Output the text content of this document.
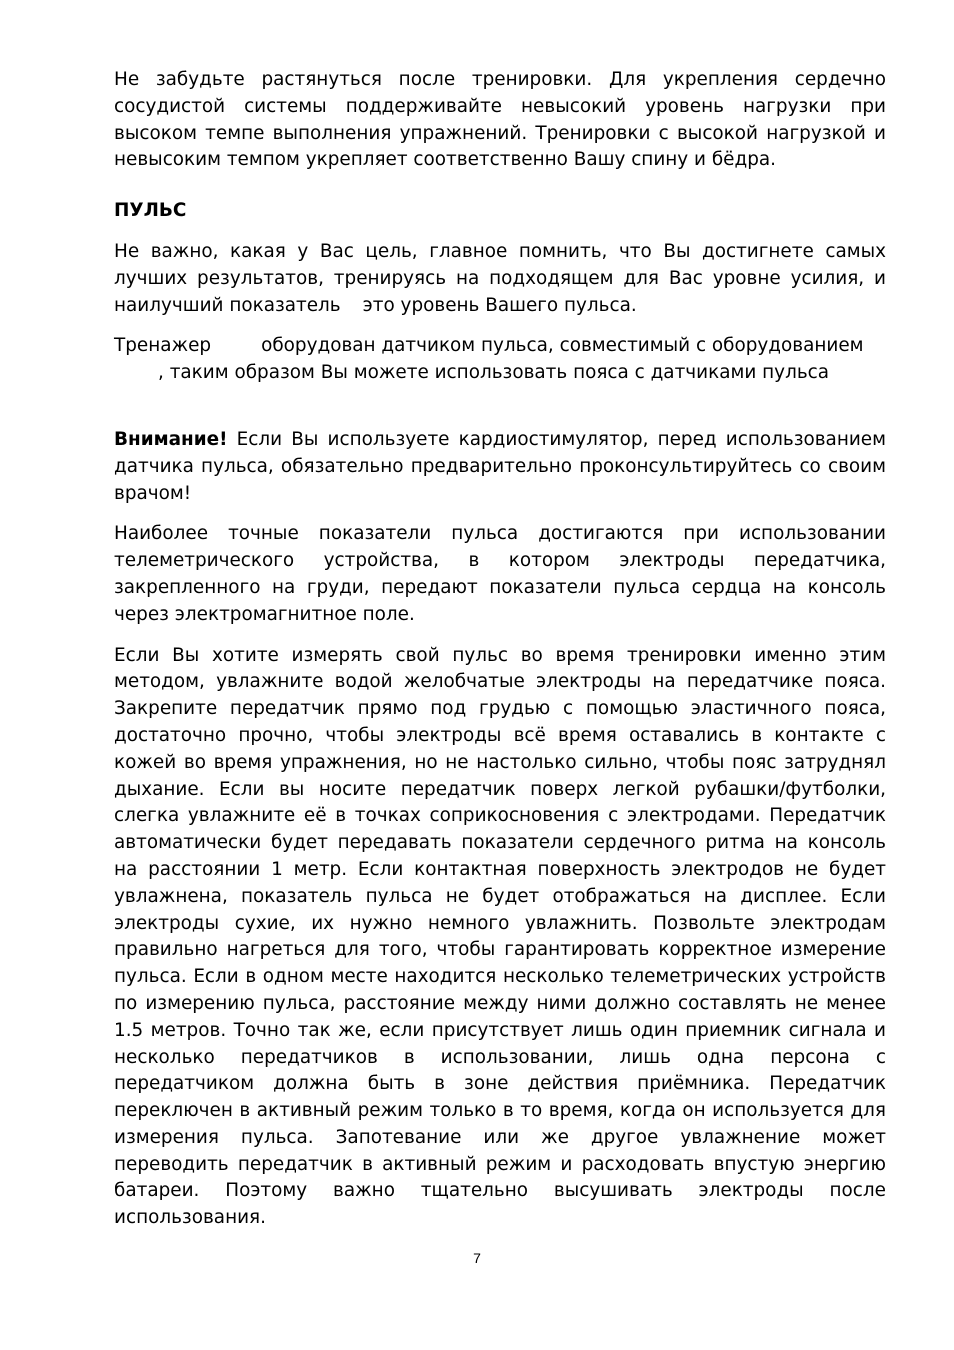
Не забудьте растянуться после тренировки. Для укрепления сердечно сосудистой системы поддерживайте невысокий уровень нагрузки при высоком темпе выполнения упражнений. Тренировки с высокой нагрузкой и невысоким темпом укрепляет соответственно Вашу спину и бёдра.

ПУЛЬС

Не важно, какая у Вас цель, главное помнить, что Вы достигнете самых лучших результатов, тренируясь на подходящем для Вас уровне усилия, и наилучший показатель это уровень Вашего пульса.

Тренажер	оборудован датчиком пульса, совместимый с оборудованием
, таким образом Вы можете использовать пояса с датчиками пульса

Внимание! Если Вы используете кардиостимулятор, перед использованием датчика пульса, обязательно предварительно проконсультируйтесь со своим врачом!

Наиболее точные показатели пульса достигаются при использовании телеметрического устройства, в котором электроды передатчика, закрепленного на груди, передают показатели пульса сердца на консоль через электромагнитное поле.

Если Вы хотите измерять свой пульс во время тренировки именно этим методом, увлажните водой желобчатые электроды на передатчике пояса. Закрепите передатчик прямо под грудью с помощью эластичного пояса, достаточно прочно, чтобы электроды всё время оставались в контакте с кожей во время упражнения, но не настолько сильно, чтобы пояс затруднял дыхание. Если вы носите передатчик поверх легкой рубашки/футболки, слегка увлажните её в точках соприкосновения с электродами. Передатчик автоматически будет передавать показатели сердечного ритма на консоль на расстоянии 1 метр. Если контактная поверхность электродов не будет увлажнена, показатель пульса не будет отображаться на дисплее. Если электроды сухие, их нужно немного увлажнить. Позвольте электродам правильно нагреться для того, чтобы гарантировать корректное измерение пульса. Если в одном месте находится несколько телеметрических устройств по измерению пульса, расстояние между ними должно составлять не менее 1.5 метров. Точно так же, если присутствует лишь один приемник сигнала и несколько передатчиков в использовании, лишь одна персона с передатчиком должна быть в зоне действия приёмника. Передатчик переключен в активный режим только в то время, когда он используется для измерения пульса. Запотевание или же другое увлажнение может переводить передатчик в активный режим и расходовать впустую энергию батареи. Поэтому важно тщательно высушивать электроды после использования.

7
